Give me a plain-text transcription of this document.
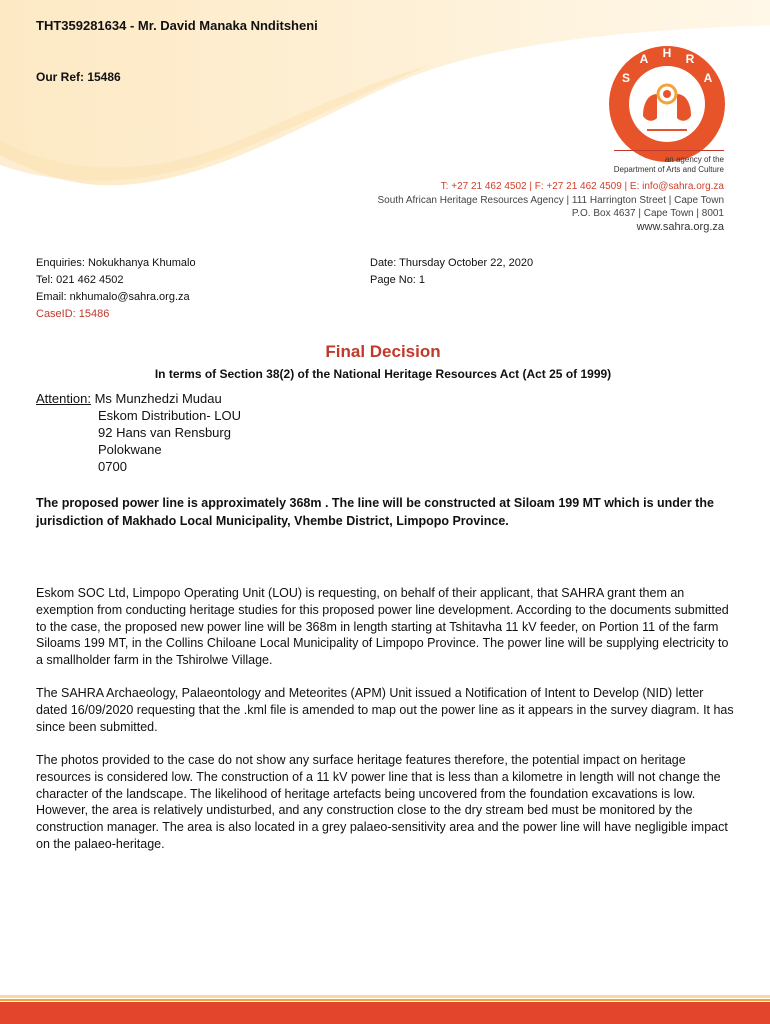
THT359281634 - Mr. David Manaka Nnditsheni
Our Ref: 15486	S
A H R
A
an agency of the
Department of Arts and Culture
T: +27 21 462 4502 | F: +27 21 462 4509 | E: info@sahra.org.za
South African Heritage Resources Agency | 111 Harrington Street | Cape Town
P.O. Box 4637 | Cape Town | 8001
www.sahra.org.za
Enquiries: Nokukhanya Khumalo
Tel: 021 462 4502
Email: nkhumalo@sahra.org.za
CaseID: 15486
Date: Thursday October 22, 2020
Page No: 1
Final Decision
In terms of Section 38(2) of the National Heritage Resources Act (Act 25 of 1999)
Attention: Ms Munzhedzi Mudau
Eskom Distribution- LOU
92 Hans van Rensburg
Polokwane
0700
The proposed power line is approximately 368m . The line will be constructed at Siloam 199 MT which is under the jurisdiction of Makhado Local Municipality, Vhembe District, Limpopo Province.

Eskom SOC Ltd, Limpopo Operating Unit (LOU) is requesting, on behalf of their applicant, that SAHRA grant them an exemption from conducting heritage studies for this proposed power line development. According to the documents submitted to the case, the proposed new power line will be 368m in length starting at Tshitavha 11 kV feeder, on Portion 11 of the farm Siloams 199 MT, in the Collins Chiloane Local Municipality of Limpopo Province. The power line will be supplying electricity to a smallholder farm in the Tshirolwe Village.

The SAHRA Archaeology, Palaeontology and Meteorites (APM) Unit issued a Notification of Intent to Develop (NID) letter dated 16/09/2020 requesting that the .kml file is amended to map out the power line as it appears in the survey diagram. It has since been submitted.

The photos provided to the case do not show any surface heritage features therefore, the potential impact on heritage resources is considered low. The construction of a 11 kV power line that is less than a kilometre in length will not change the character of the landscape. The likelihood of heritage artefacts being uncovered from the foundation excavations is low. However, the area is relatively undisturbed, and any construction close to the dry stream bed must be monitored by the construction manager. The area is also located in a grey palaeo-sensitivity area and the power line will have negligible impact on the palaeo-heritage.
